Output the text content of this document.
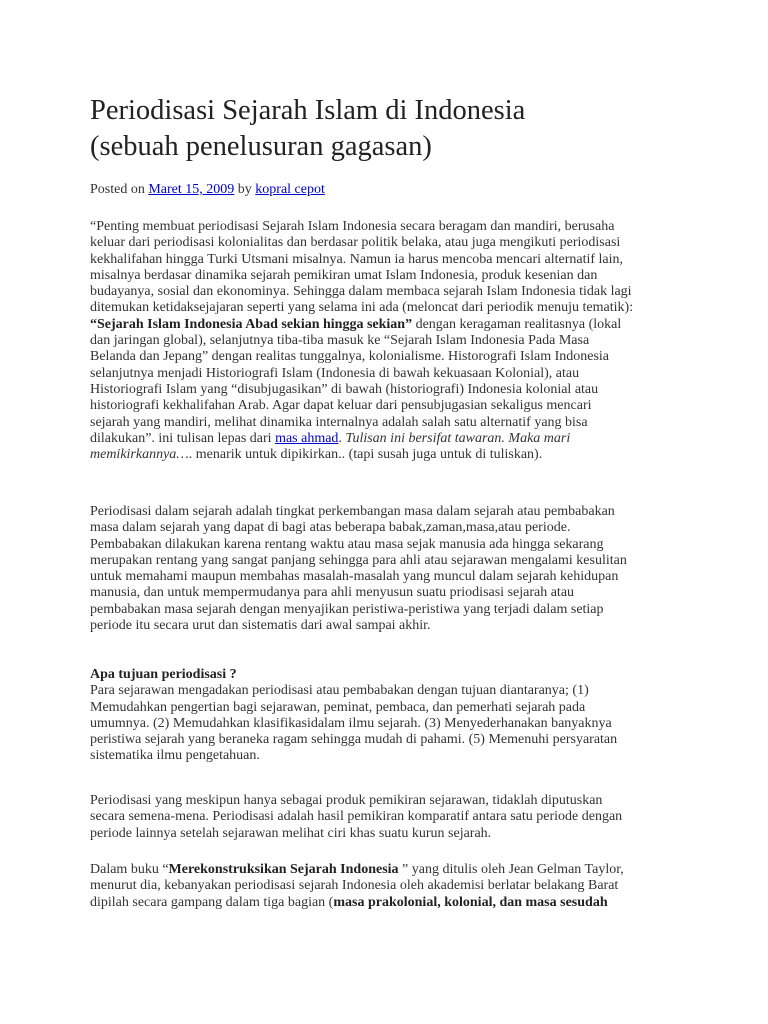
Periodisasi Sejarah Islam di Indonesia
(sebuah penelusuran gagasan)
Posted on Maret 15, 2009 by kopral cepot
“Penting membuat periodisasi Sejarah Islam Indonesia secara beragam dan mandiri, berusaha
keluar dari periodisasi kolonialitas dan berdasar politik belaka, atau juga mengikuti periodisasi
kekhalifahan hingga Turki Utsmani misalnya. Namun ia harus mencoba mencari alternatif lain,
misalnya berdasar dinamika sejarah pemikiran umat Islam Indonesia, produk kesenian dan
budayanya, sosial dan ekonominya. Sehingga dalam membaca sejarah Islam Indonesia tidak lagi
ditemukan ketidaksejajaran seperti yang selama ini ada (meloncat dari periodik menuju tematik):
“Sejarah Islam Indonesia Abad sekian hingga sekian” dengan keragaman realitasnya (lokal
dan jaringan global), selanjutnya tiba-tiba masuk ke “Sejarah Islam Indonesia Pada Masa
Belanda dan Jepang” dengan realitas tunggalnya, kolonialisme. Historografi Islam Indonesia
selanjutnya menjadi Historiografi Islam (Indonesia di bawah kekuasaan Kolonial), atau
Historiografi Islam yang “disubjugasikan” di bawah (historiografi) Indonesia kolonial atau
historiografi kekhalifahan Arab. Agar dapat keluar dari pensubjugasian sekaligus mencari
sejarah yang mandiri, melihat dinamika internalnya adalah salah satu alternatif yang bisa
dilakukan”. ini tulisan lepas dari mas ahmad. Tulisan ini bersifat tawaran. Maka mari
memikirkannya…. menarik untuk dipikirkan.. (tapi susah juga untuk di tuliskan).
Periodisasi dalam sejarah adalah tingkat perkembangan masa dalam sejarah atau pembabakan
masa dalam sejarah yang dapat di bagi atas beberapa babak,zaman,masa,atau periode.
Pembabakan dilakukan karena rentang waktu atau masa sejak manusia ada hingga sekarang
merupakan rentang yang sangat panjang sehingga para ahli atau sejarawan mengalami kesulitan
untuk memahami maupun membahas masalah-masalah yang muncul dalam sejarah kehidupan
manusia, dan untuk mempermudanya para ahli menyusun suatu priodisasi sejarah atau
pembabakan masa sejarah dengan menyajikan peristiwa-peristiwa yang terjadi dalam setiap
periode itu secara urut dan sistematis dari awal sampai akhir.
Apa tujuan periodisasi ?
Para sejarawan mengadakan periodisasi atau pembabakan dengan tujuan diantaranya; (1)
Memudahkan pengertian bagi sejarawan, peminat, pembaca, dan pemerhati sejarah pada
umumnya. (2) Memudahkan klasifikasidalam ilmu sejarah. (3) Menyederhanakan banyaknya
peristiwa sejarah yang beraneka ragam sehingga mudah di pahami. (5) Memenuhi persyaratan
sistematika ilmu pengetahuan.
Periodisasi yang meskipun hanya sebagai produk pemikiran sejarawan, tidaklah diputuskan
secara semena-mena. Periodisasi adalah hasil pemikiran komparatif antara satu periode dengan
periode lainnya setelah sejarawan melihat ciri khas suatu kurun sejarah.
Dalam buku “Merekonstruksikan Sejarah Indonesia ” yang ditulis oleh Jean Gelman Taylor,
menurut dia, kebanyakan periodisasi sejarah Indonesia oleh akademisi berlatar belakang Barat
dipilah secara gampang dalam tiga bagian (masa prakolonial, kolonial, dan masa sesudah
